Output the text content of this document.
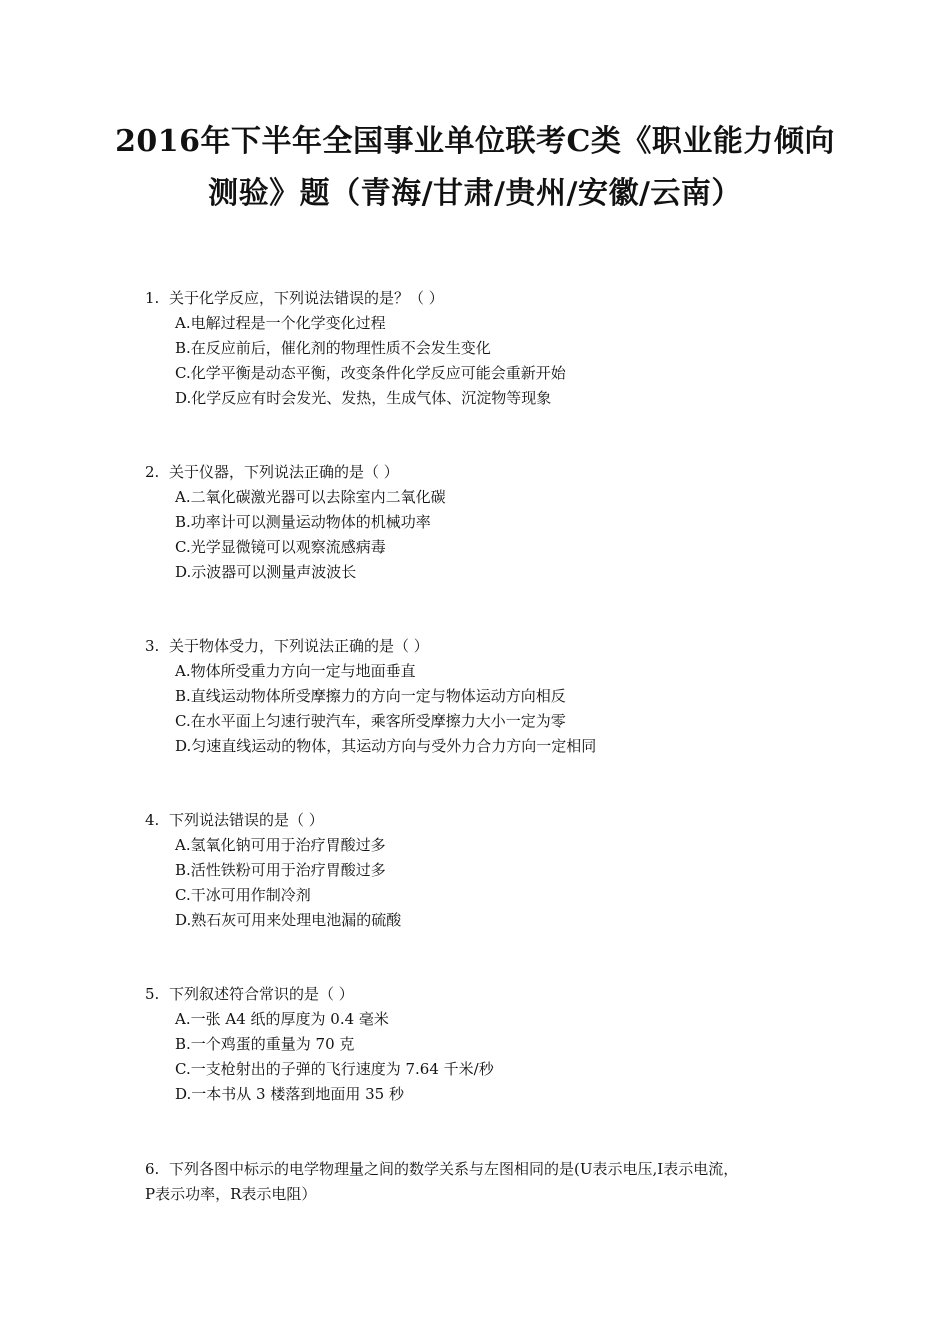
2016年下半年全国事业单位联考C类《职业能力倾向
测验》题（青海/甘肃/贵州/安徽/云南）
1. 关于化学反应，下列说法错误的是？（ ）
A.电解过程是一个化学变化过程
B.在反应前后，催化剂的物理性质不会发生变化
C.化学平衡是动态平衡，改变条件化学反应可能会重新开始
D.化学反应有时会发光、发热，生成气体、沉淀物等现象
2. 关于仪器，下列说法正确的是（ ）
A.二氧化碳激光器可以去除室内二氧化碳
B.功率计可以测量运动物体的机械功率
C.光学显微镜可以观察流感病毒
D.示波器可以测量声波波长
3. 关于物体受力，下列说法正确的是（ ）
A.物体所受重力方向一定与地面垂直
B.直线运动物体所受摩擦力的方向一定与物体运动方向相反
C.在水平面上匀速行驶汽车，乘客所受摩擦力大小一定为零
D.匀速直线运动的物体，其运动方向与受外力合力方向一定相同
4. 下列说法错误的是（ ）
A.氢氧化钠可用于治疗胃酸过多
B.活性铁粉可用于治疗胃酸过多
C.干冰可用作制冷剂
D.熟石灰可用来处理电池漏的硫酸
5. 下列叙述符合常识的是（ ）
A.一张 A4 纸的厚度为 0.4 毫米
B.一个鸡蛋的重量为 70 克
C.一支枪射出的子弹的飞行速度为 7.64 千米/秒
D.一本书从 3 楼落到地面用 35 秒
6. 下列各图中标示的电学物理量之间的数学关系与左图相同的是(U表示电压,I表示电流，
P表示功率，R表示电阻）
